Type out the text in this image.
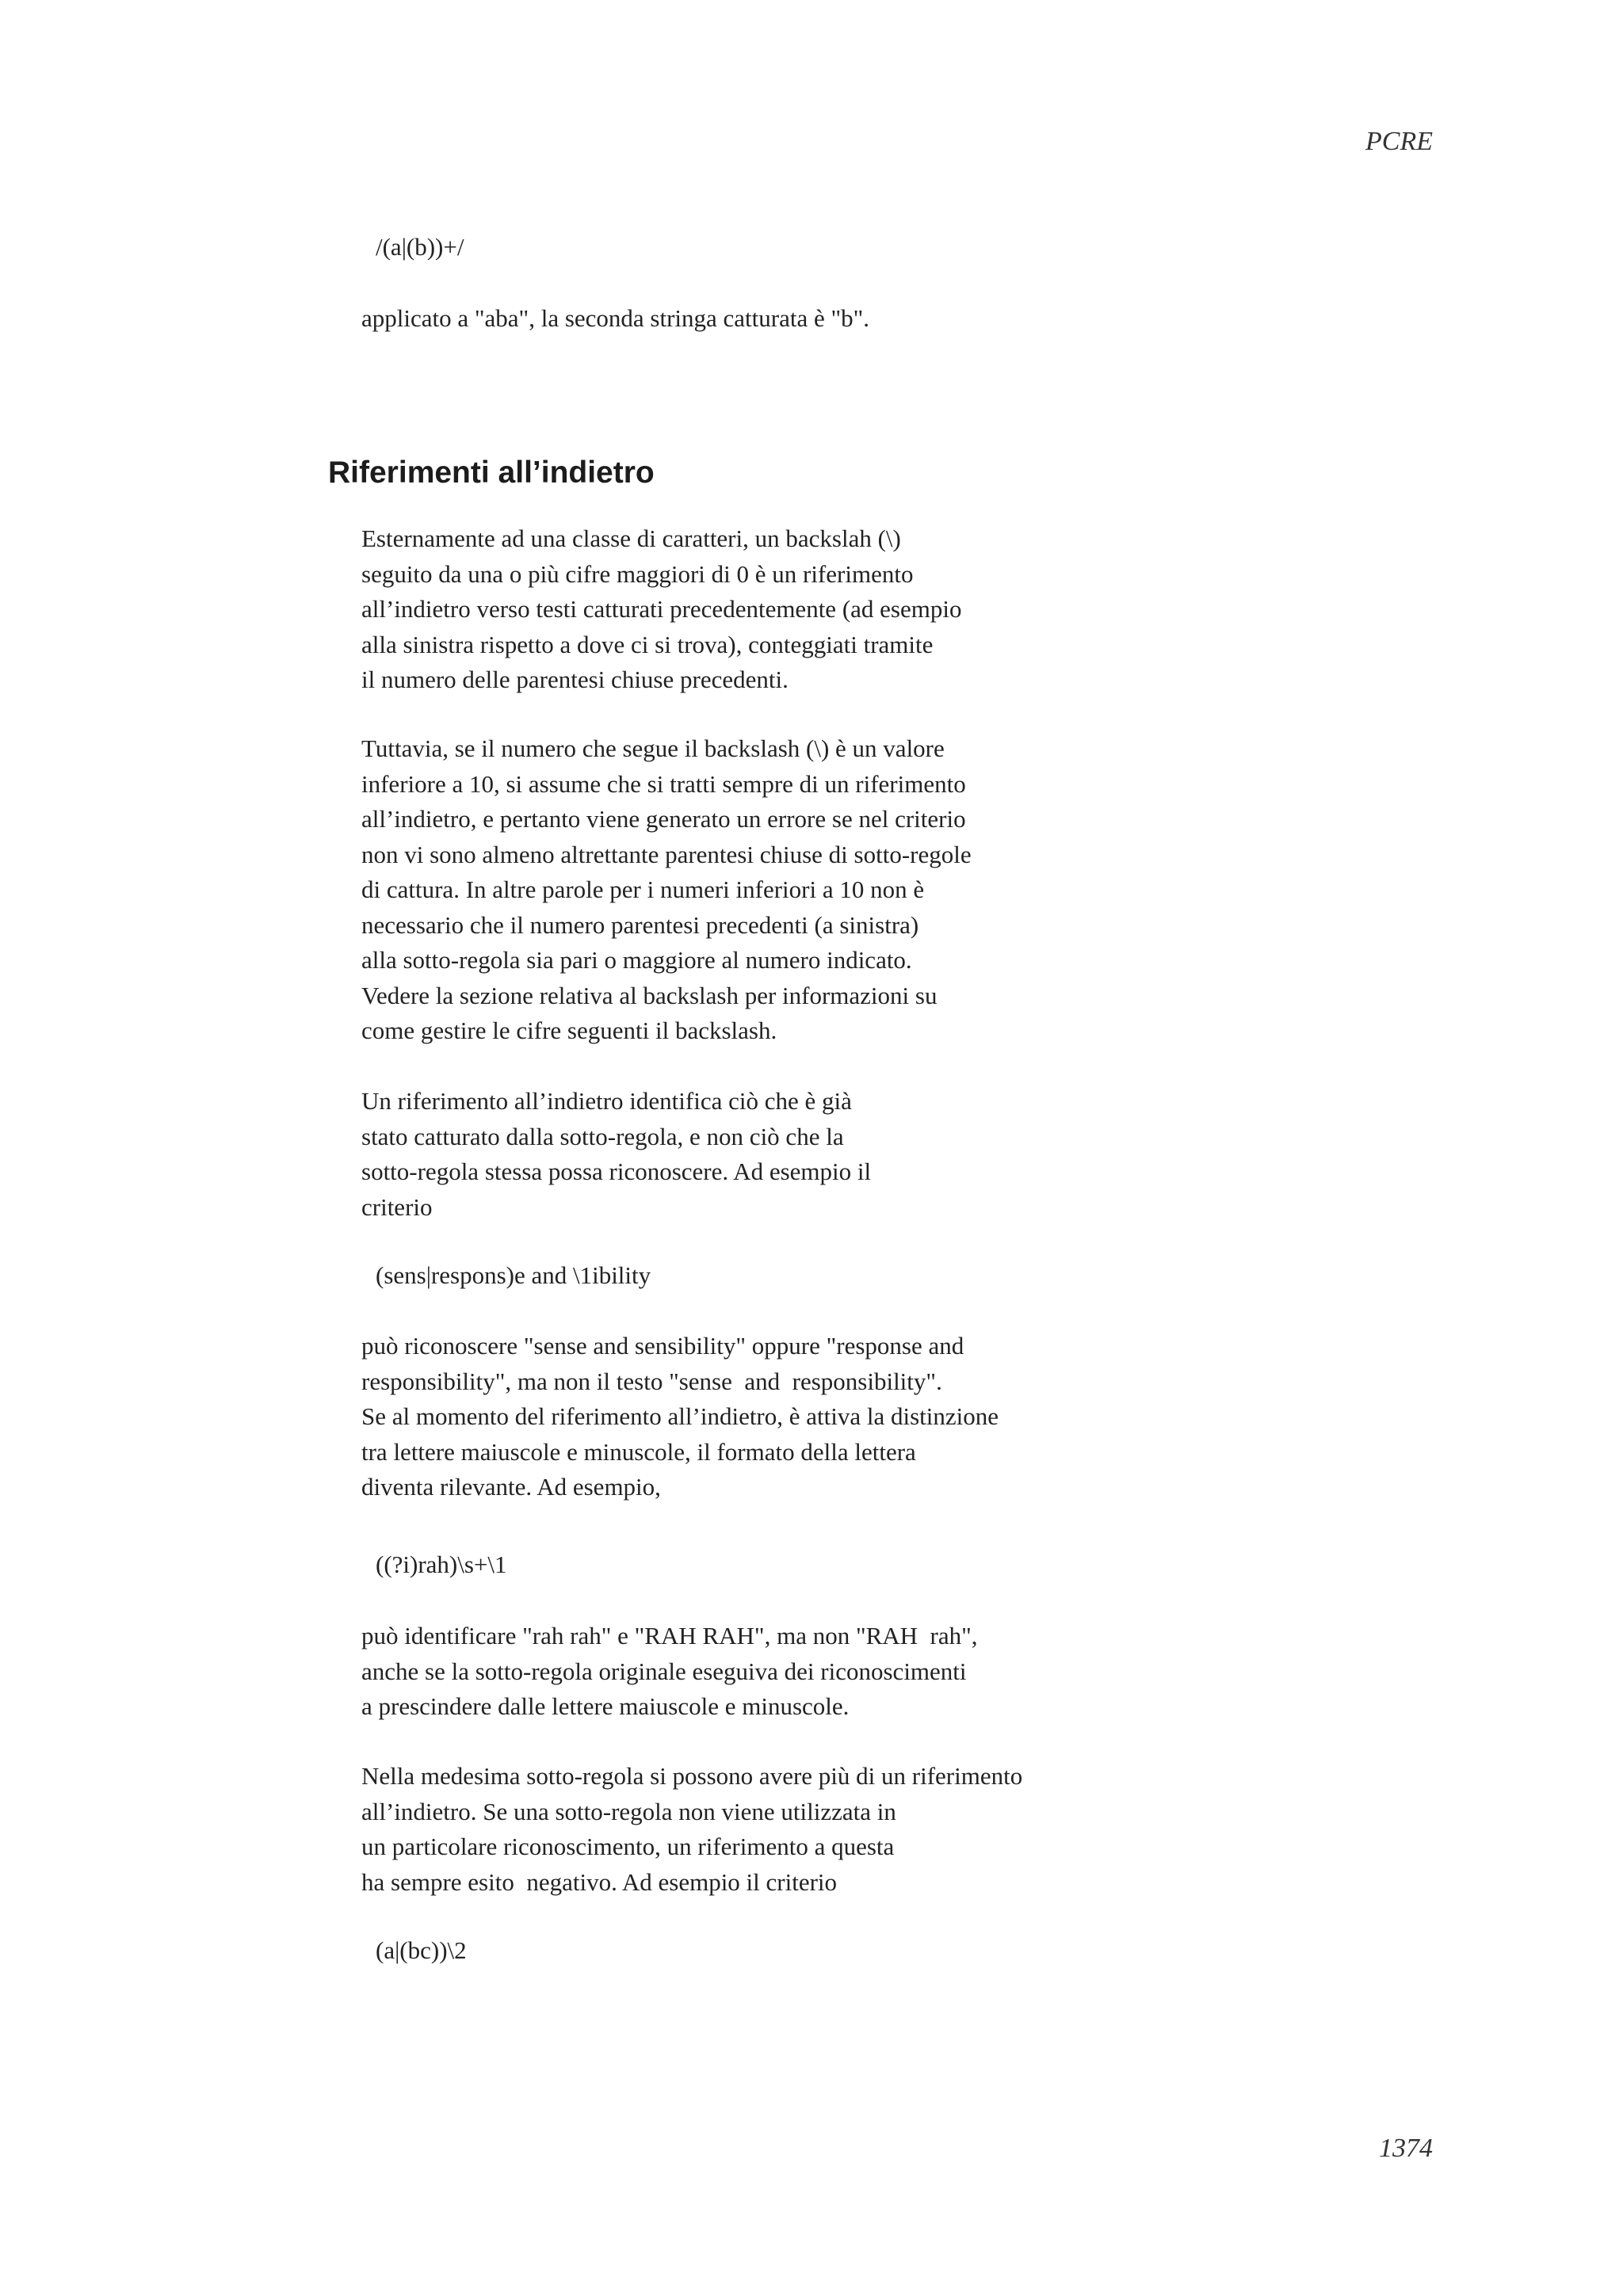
PCRE
/(a|(b))+/
applicato a "aba", la seconda stringa catturata è "b".
Riferimenti all’indietro
Esternamente ad una classe di caratteri, un backslah (\)
seguito da una o più cifre maggiori di 0 è un riferimento
all’indietro verso testi catturati precedentemente (ad esempio
alla sinistra rispetto a dove ci si trova), conteggiati tramite
il numero delle parentesi chiuse precedenti.
Tuttavia, se il numero che segue il backslash (\) è un valore
inferiore a 10, si assume che si tratti sempre di un riferimento
all’indietro, e pertanto viene generato un errore se nel criterio
non vi sono almeno altrettante parentesi chiuse di sotto-regole
di cattura. In altre parole per i numeri inferiori a 10 non è
necessario che il numero parentesi precedenti (a sinistra)
alla sotto-regola sia pari o maggiore al numero indicato.
Vedere la sezione relativa al backslash per informazioni su
come gestire le cifre seguenti il backslash.
Un riferimento all’indietro identifica ciò che è già
stato catturato dalla sotto-regola, e non ciò che la
sotto-regola stessa possa riconoscere. Ad esempio il
criterio
(sens|respons)e and \1ibility
può riconoscere "sense and sensibility" oppure "response and
responsibility", ma non il testo "sense  and  responsibility".
Se al momento del riferimento all’indietro, è attiva la distinzione
tra lettere maiuscole e minuscole, il formato della lettera
diventa rilevante. Ad esempio,
((?i)rah)\s+\1
può identificare "rah rah" e "RAH RAH", ma non "RAH  rah",
anche se la sotto-regola originale eseguiva dei riconoscimenti
a prescindere dalle lettere maiuscole e minuscole.
Nella medesima sotto-regola si possono avere più di un riferimento
all’indietro. Se una sotto-regola non viene utilizzata in
un particolare riconoscimento, un riferimento a questa
ha sempre esito  negativo. Ad esempio il criterio
(a|(bc))\2
1374
